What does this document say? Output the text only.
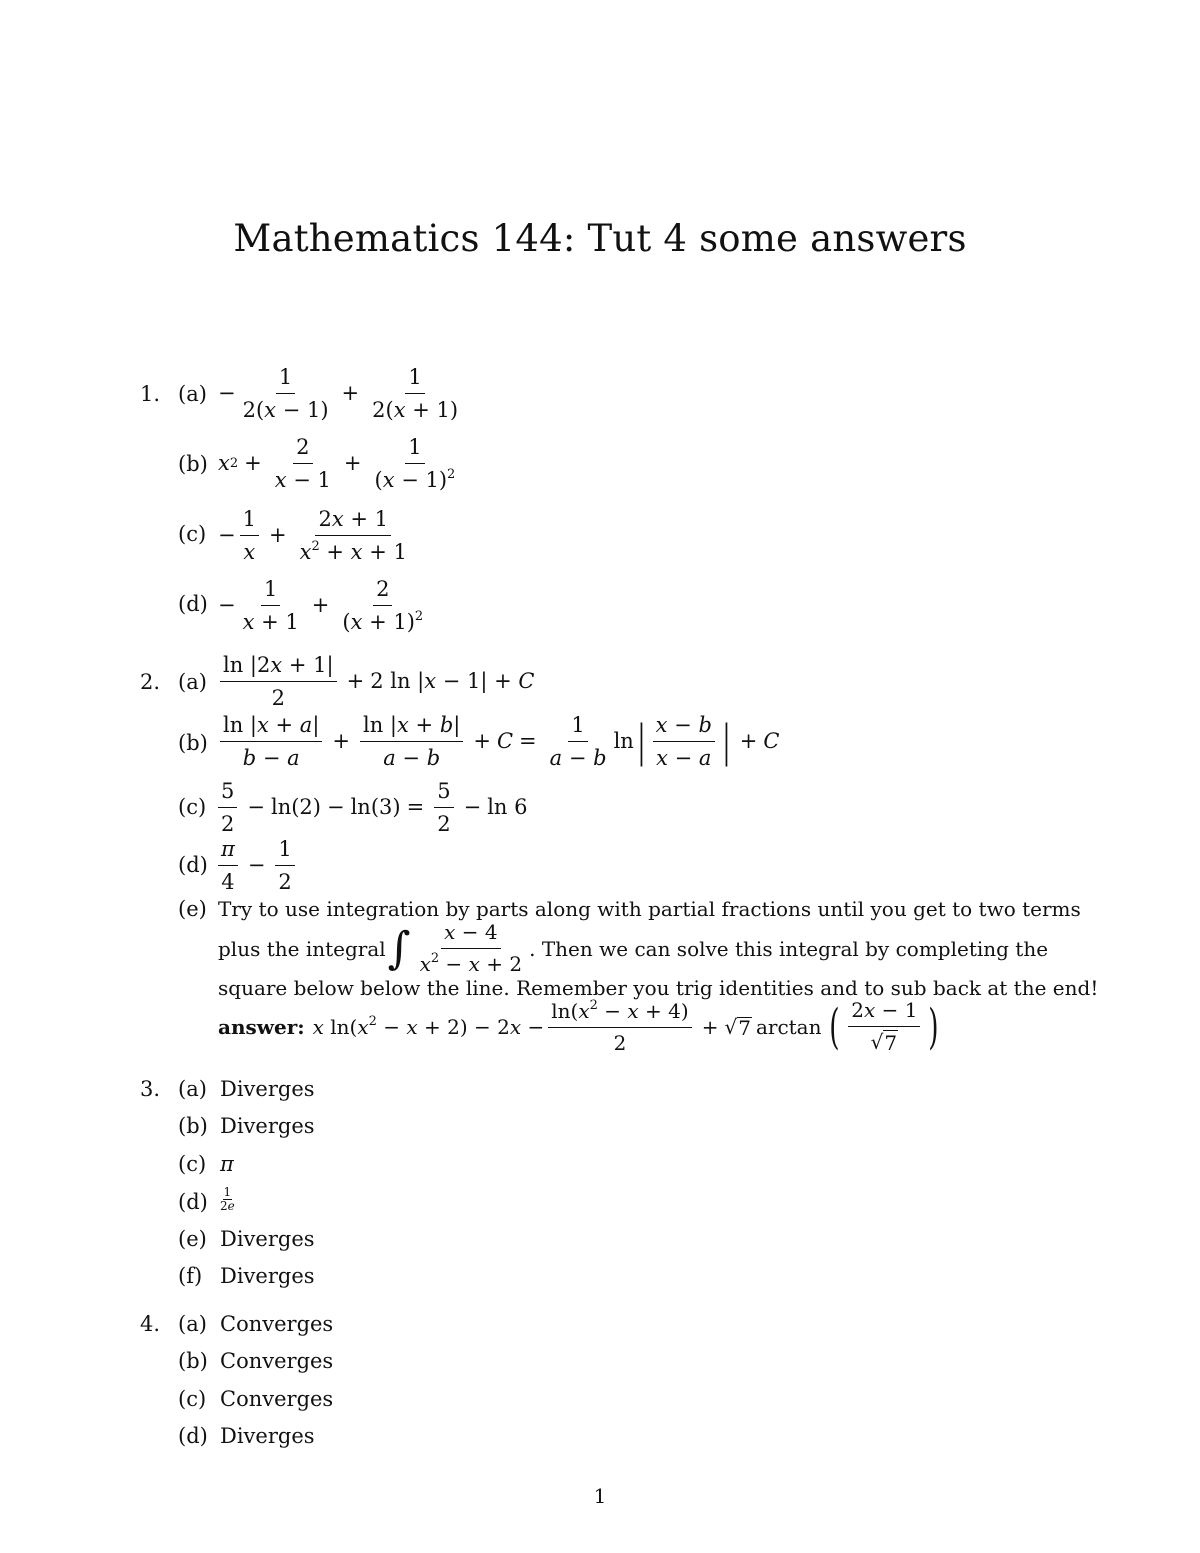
Mathematics 144: Tut 4 some answers
1. $(a) - \frac{1}{2(x - 1)} + \frac{1}{2(x + 1)}$
(b) x $2 + \frac{2}{x - 1} + \frac{1}{(x - 1)^2}$
$(c) - \frac{1}{x} + \frac{2x + 1}{x^2 + x + 1}$
$(d) - \frac{1}{x + 1} + \frac{2}{(x + 1)^2}$
2. $(a) \frac{\ln |2x + 1|}{2} + 2$ ln |x − 1| + C
$(b) \frac{\ln |x + a|}{b - a} + \frac{\ln |x + b|}{a - b} + C = \frac{1}{a - b}$ ln | $\frac{x - b}{x - a}$ | + C
$(c) \frac{5}{2} - \ln(2) - \ln(3) = \frac{5}{2} - \ln 6$
$(d) \frac{\pi}{4} - \frac{1}{2}$
(e) Try to use integration by parts along with partial fractions until you get to two terms
plus the integral ∫ $\frac{x - 4}{x^2 - x + 2}$ . Then we can solve this integral by completing the
square below below the line. Remember you trig identities and to sub back at the end!
answer: x $\ln(x^2 - x + 2) - 2x - \frac{\ln(x^2 - x + 4)}{2}$ + √ 7 arctan ( $\frac{2x - 1}{√ 7}$ )
3. (a) Diverges
(b) Diverges
(c) π
$(d) \frac{1}{2e}$
(e) Diverges
(f) Diverges
4. (a) Converges
(b) Converges
(c) Converges
(d) Diverges
1
